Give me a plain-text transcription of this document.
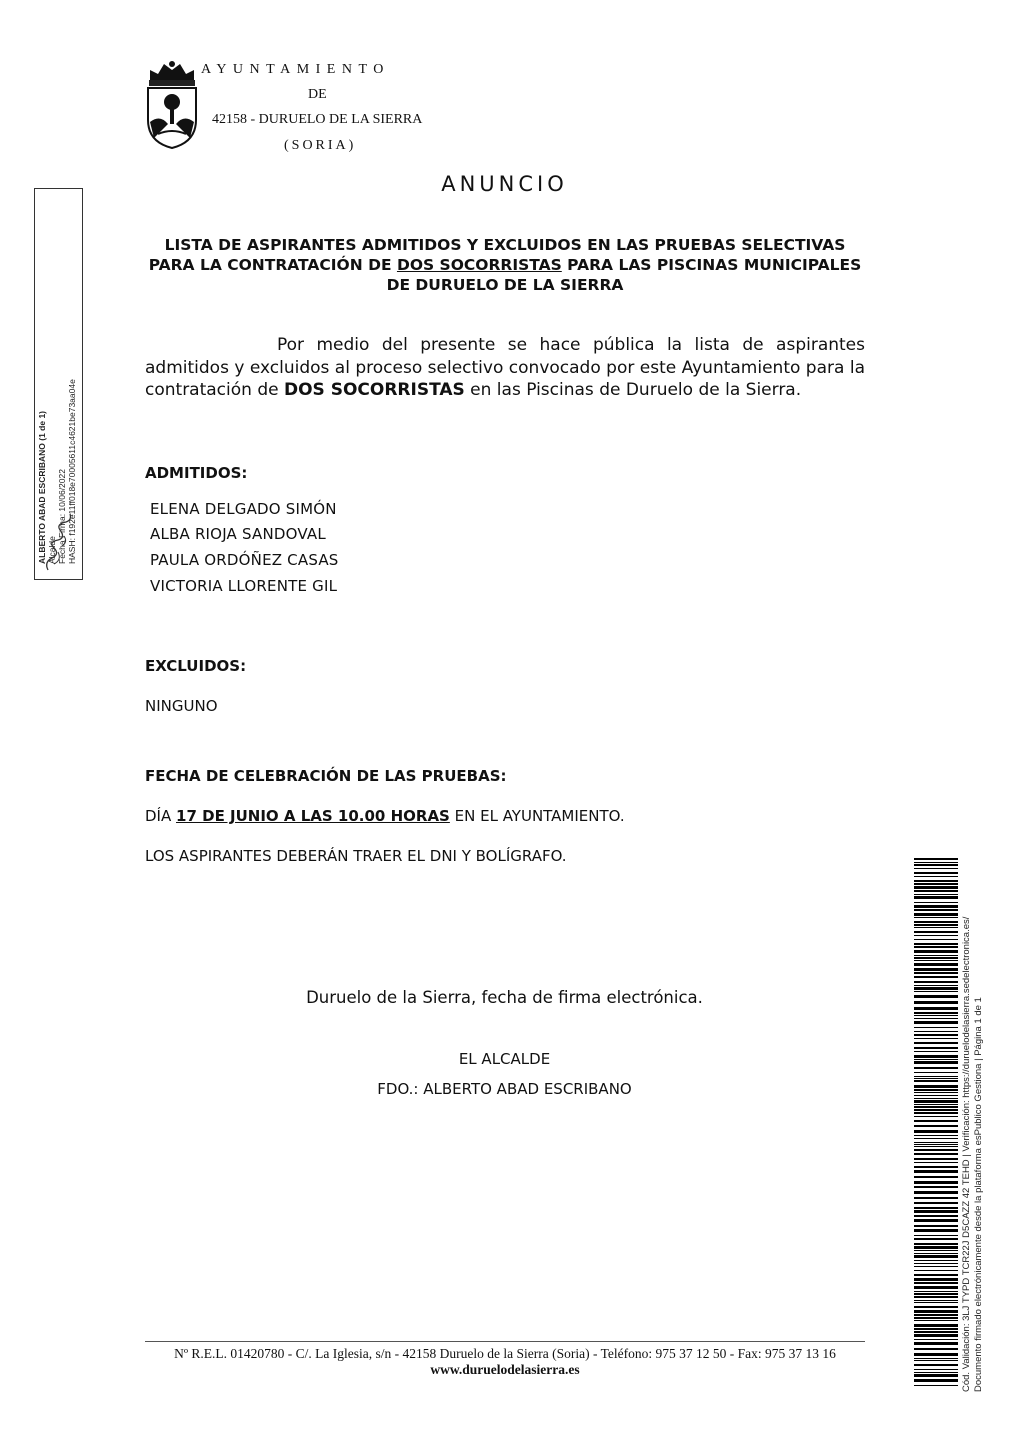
AYUNTAMIENTO
DE
42158 - DURUELO DE LA SIERRA
(SORIA)
ANUNCIO
LISTA DE ASPIRANTES ADMITIDOS Y EXCLUIDOS EN LAS PRUEBAS SELECTIVAS PARA LA CONTRATACIÓN DE DOS SOCORRISTAS PARA LAS PISCINAS MUNICIPALES DE DURUELO DE LA SIERRA
Por medio del presente se hace pública la lista de aspirantes admitidos y excluidos al proceso selectivo convocado por este Ayuntamiento para la contratación de DOS SOCORRISTAS en las Piscinas de Duruelo de la Sierra.
ADMITIDOS:
ELENA DELGADO SIMÓN
ALBA RIOJA SANDOVAL
PAULA ORDÓÑEZ CASAS
VICTORIA LLORENTE GIL
EXCLUIDOS:
NINGUNO
FECHA DE CELEBRACIÓN DE LAS PRUEBAS:
DÍA 17 DE JUNIO A LAS 10.00 HORAS EN EL AYUNTAMIENTO.
LOS ASPIRANTES DEBERÁN TRAER EL DNI Y BOLÍGRAFO.
Duruelo de la Sierra, fecha de firma electrónica.
EL ALCALDE
FDO.: ALBERTO ABAD ESCRIBANO
Nº R.E.L. 01420780 - C/. La Iglesia, s/n - 42158 Duruelo de la Sierra (Soria) - Teléfono: 975 37 12 50 - Fax: 975 37 13 16
www.duruelodelasierra.es
ALBERTO ABAD ESCRIBANO (1 de 1) Alcalde Fecha Firma: 10/06/2022 HASH: f192e11ff018e70005611c4621be73aa04e
Cód. Validación: 3LJ TYPD TCR22J D5CAZZ 42 TEHD | Verificación: https://duruelodelasierra.sedelectronica.es/ Documento firmado electrónicamente desde la plataforma esPublico Gestiona | Página 1 de 1
